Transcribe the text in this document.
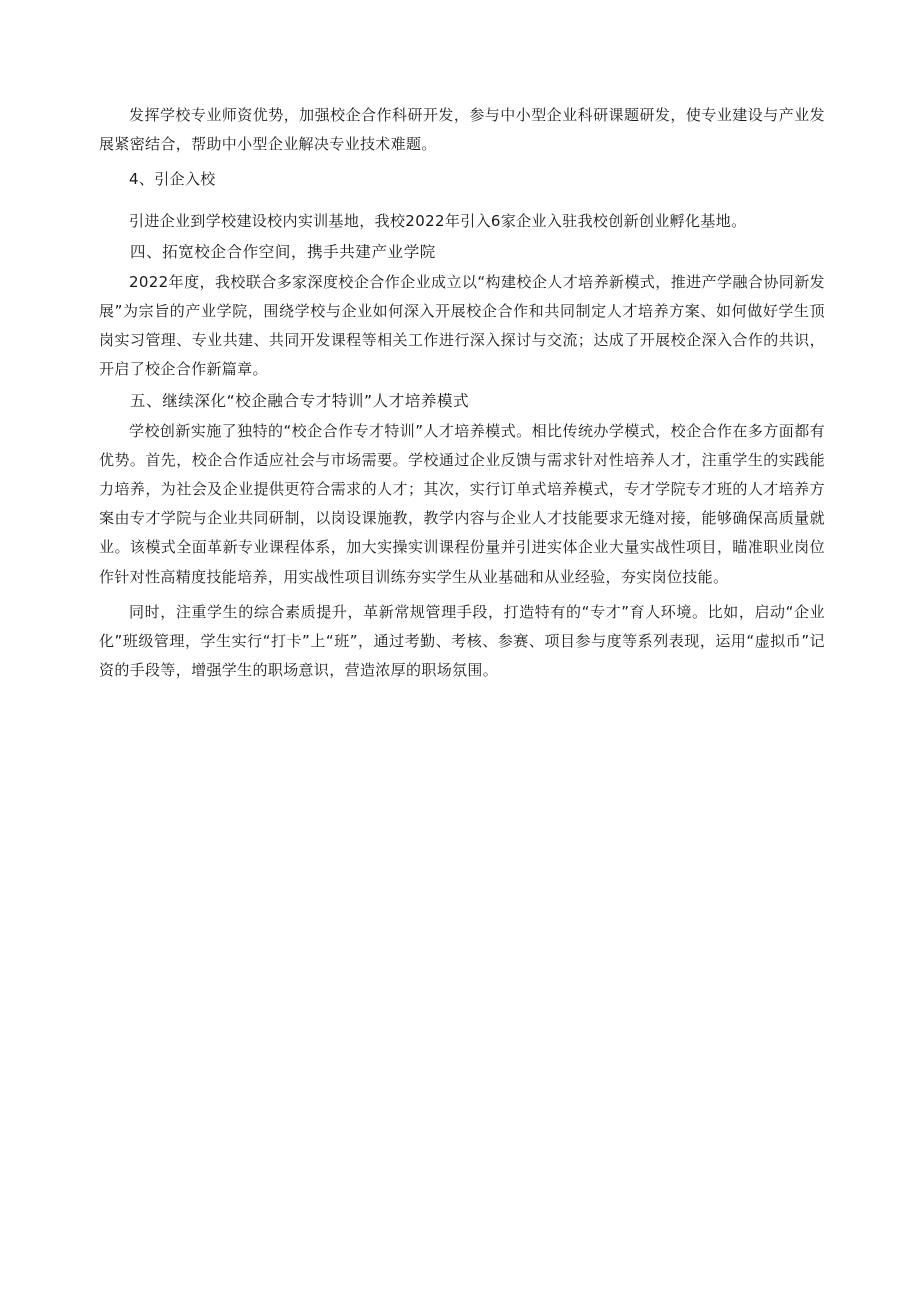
发挥学校专业师资优势，加强校企合作科研开发，参与中小型企业科研课题研发，使专业建设与产业发展紧密结合，帮助中小型企业解决专业技术难题。

4、引企入校

引进企业到学校建设校内实训基地，我校2022年引入6家企业入驻我校创新创业孵化基地。

四、拓宽校企合作空间，携手共建产业学院

2022年度，我校联合多家深度校企合作企业成立以“构建校企人才培养新模式，推进产学融合协同新发展”为宗旨的产业学院，围绕学校与企业如何深入开展校企合作和共同制定人才培养方案、如何做好学生顶岗实习管理、专业共建、共同开发课程等相关工作进行深入探讨与交流；达成了开展校企深入合作的共识，开启了校企合作新篇章。

五、继续深化“校企融合专才特训”人才培养模式

学校创新实施了独特的“校企合作专才特训”人才培养模式。相比传统办学模式，校企合作在多方面都有优势。首先，校企合作适应社会与市场需要。学校通过企业反馈与需求针对性培养人才，注重学生的实践能力培养，为社会及企业提供更符合需求的人才；其次，实行订单式培养模式，专才学院专才班的人才培养方案由专才学院与企业共同研制，以岗设课施教，教学内容与企业人才技能要求无缝对接，能够确保高质量就业。该模式全面革新专业课程体系，加大实操实训课程份量并引进实体企业大量实战性项目，瞄准职业岗位作针对性高精度技能培养，用实战性项目训练夯实学生从业基础和从业经验，夯实岗位技能。

同时，注重学生的综合素质提升，革新常规管理手段，打造特有的“专才”育人环境。比如，启动“企业化”班级管理，学生实行“打卡”上“班”，通过考勤、考核、参赛、项目参与度等系列表现，运用“虚拟币”记资的手段等，增强学生的职场意识，营造浓厚的职场氛围。
